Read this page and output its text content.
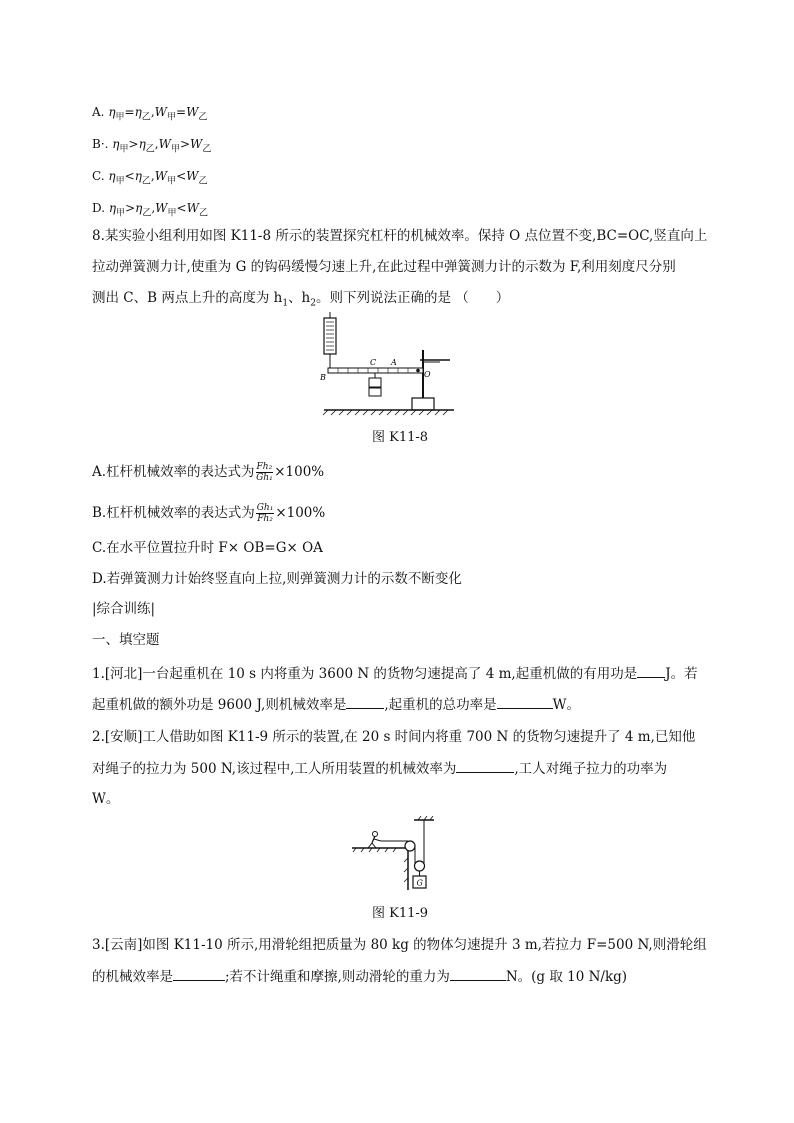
A. $\eta_甲=\eta_乙,W_甲=W_乙$
B·. $\eta_甲>\eta_乙,W_甲>W_乙$
C. $\eta_甲<\eta_乙,W_甲<W_乙$
D. $\eta_甲>\eta_乙,W_甲<W_乙$
8.某实验小组利用如图 K11-8 所示的装置探究杠杆的机械效率。保持 O 点位置不变,BC=OC,竖直向上
拉动弹簧测力计,使重为 G 的钩码缓慢匀速上升,在此过程中弹簧测力计的示数为 F,利用刻度尺分别
测出 C、B 两点上升的高度为 $h_1$、$h_2$。则下列说法正确的是 （　　）
B
C A
O
图 K11-8
A.杠杆机械效率的表达式为 $\frac{\text{Fh₂}}{\text{Gh₁}} \times 100\%$
B.杠杆机械效率的表达式为 $\frac{\text{Gh₁}}{\text{Fh₂}} \times 100\%$
C.在水平位置拉升时 F× OB=G× OA
D.若弹簧测力计始终竖直向上拉,则弹簧测力计的示数不断变化
|综合训练|
一、填空题
1.[河北]一台起重机在 10 s 内将重为 3600 N 的货物匀速提高了 4 m,起重机做的有用功是 J。若
起重机做的额外功是 9600 J,则机械效率是	,起重机的总功率是	W。
2.[安顺]工人借助如图 K11-9 所示的装置,在 20 s 时间内将重 700 N 的货物匀速提升了 4 m,已知他
对绳子的拉力为 500 N,该过程中,工人所用装置的机械效率为	,工人对绳子拉力的功率为
W。
G
图 K11-9
3.[云南]如图 K11-10 所示,用滑轮组把质量为 80 kg 的物体匀速提升 3 m,若拉力 F=500 N,则滑轮组
的机械效率是	;若不计绳重和摩擦,则动滑轮的重力为	N。(g 取 10 N/kg)
